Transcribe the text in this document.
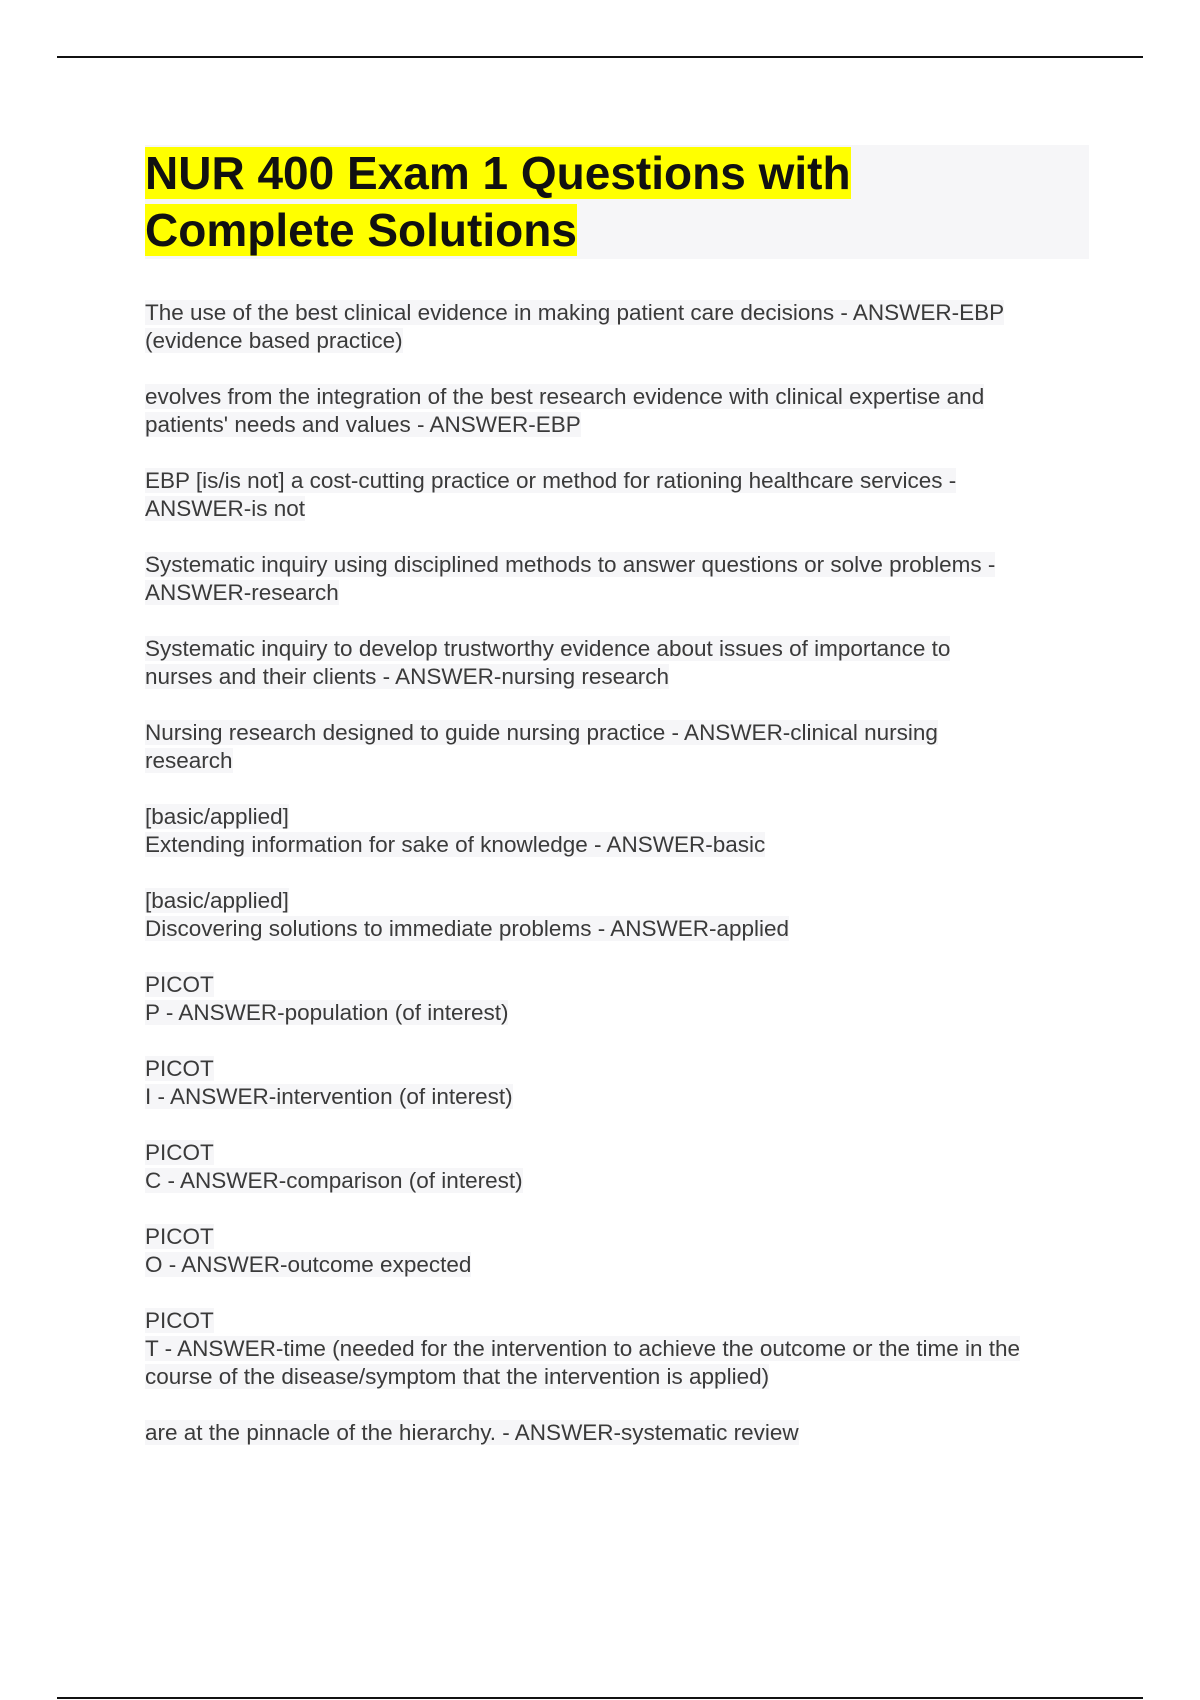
NUR 400 Exam 1 Questions with
Complete Solutions
The use of the best clinical evidence in making patient care decisions - ANSWER-EBP
(evidence based practice)
evolves from the integration of the best research evidence with clinical expertise and
patients' needs and values - ANSWER-EBP
EBP [is/is not] a cost-cutting practice or method for rationing healthcare services -
ANSWER-is not
Systematic inquiry using disciplined methods to answer questions or solve problems -
ANSWER-research
Systematic inquiry to develop trustworthy evidence about issues of importance to
nurses and their clients - ANSWER-nursing research
Nursing research designed to guide nursing practice - ANSWER-clinical nursing
research
[basic/applied]
Extending information for sake of knowledge - ANSWER-basic
[basic/applied]
Discovering solutions to immediate problems - ANSWER-applied
PICOT
P - ANSWER-population (of interest)
PICOT
I - ANSWER-intervention (of interest)
PICOT
C - ANSWER-comparison (of interest)
PICOT
O - ANSWER-outcome expected
PICOT
T - ANSWER-time (needed for the intervention to achieve the outcome or the time in the
course of the disease/symptom that the intervention is applied)
are at the pinnacle of the hierarchy. - ANSWER-systematic review
